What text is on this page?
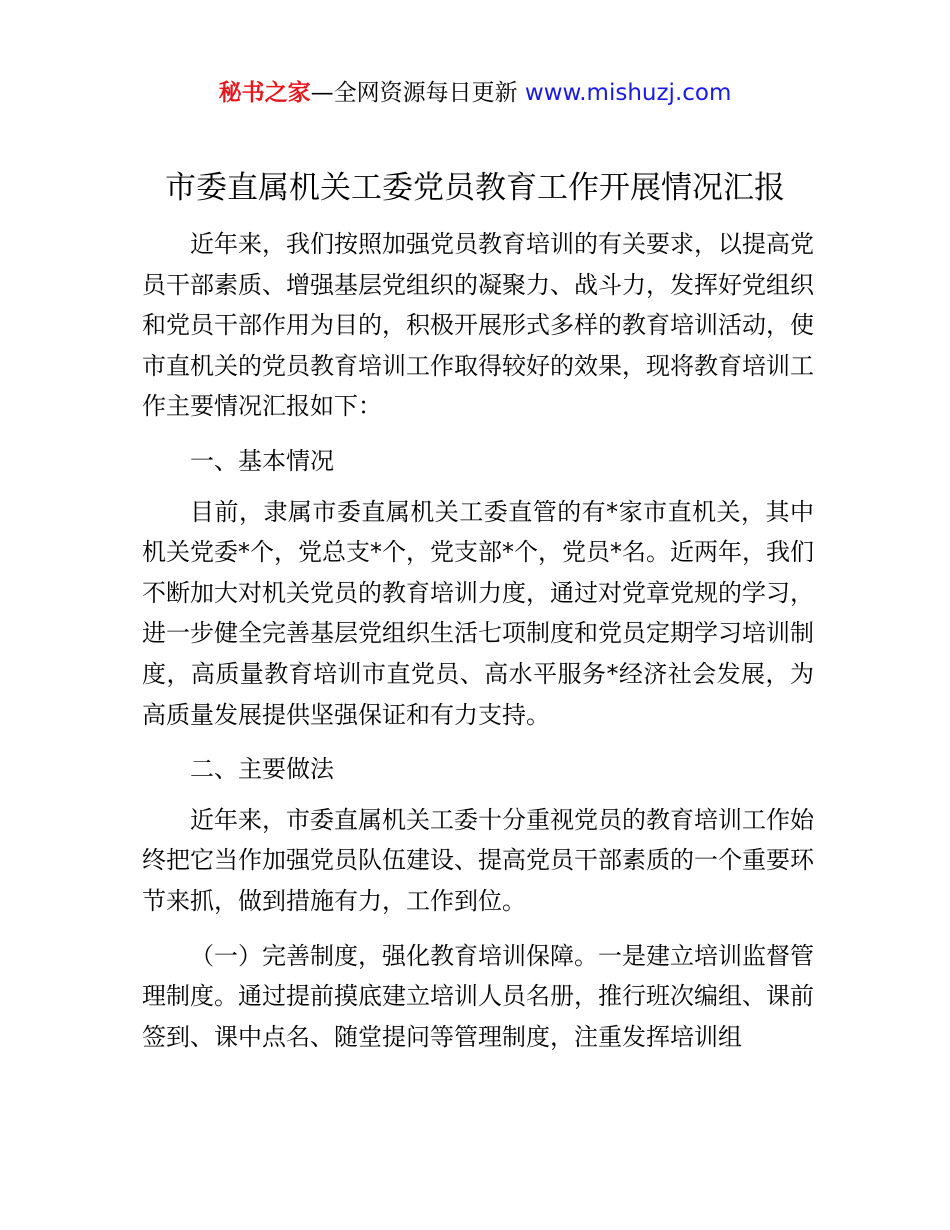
秘书之家—全网资源每日更新 www.mishuzj.com
市委直属机关工委党员教育工作开展情况汇报

近年来，我们按照加强党员教育培训的有关要求，以提高党员干部素质、增强基层党组织的凝聚力、战斗力，发挥好党组织和党员干部作用为目的，积极开展形式多样的教育培训活动，使市直机关的党员教育培训工作取得较好的效果，现将教育培训工作主要情况汇报如下：

一、基本情况

目前，隶属市委直属机关工委直管的有*家市直机关，其中机关党委*个，党总支*个，党支部*个，党员*名。近两年，我们不断加大对机关党员的教育培训力度，通过对党章党规的学习，进一步健全完善基层党组织生活七项制度和党员定期学习培训制度，高质量教育培训市直党员、高水平服务*经济社会发展，为高质量发展提供坚强保证和有力支持。

二、主要做法

近年来，市委直属机关工委十分重视党员的教育培训工作始终把它当作加强党员队伍建设、提高党员干部素质的一个重要环节来抓，做到措施有力，工作到位。

（一）完善制度，强化教育培训保障。一是建立培训监督管理制度。通过提前摸底建立培训人员名册，推行班次编组、课前签到、课中点名、随堂提问等管理制度，注重发挥培训组
